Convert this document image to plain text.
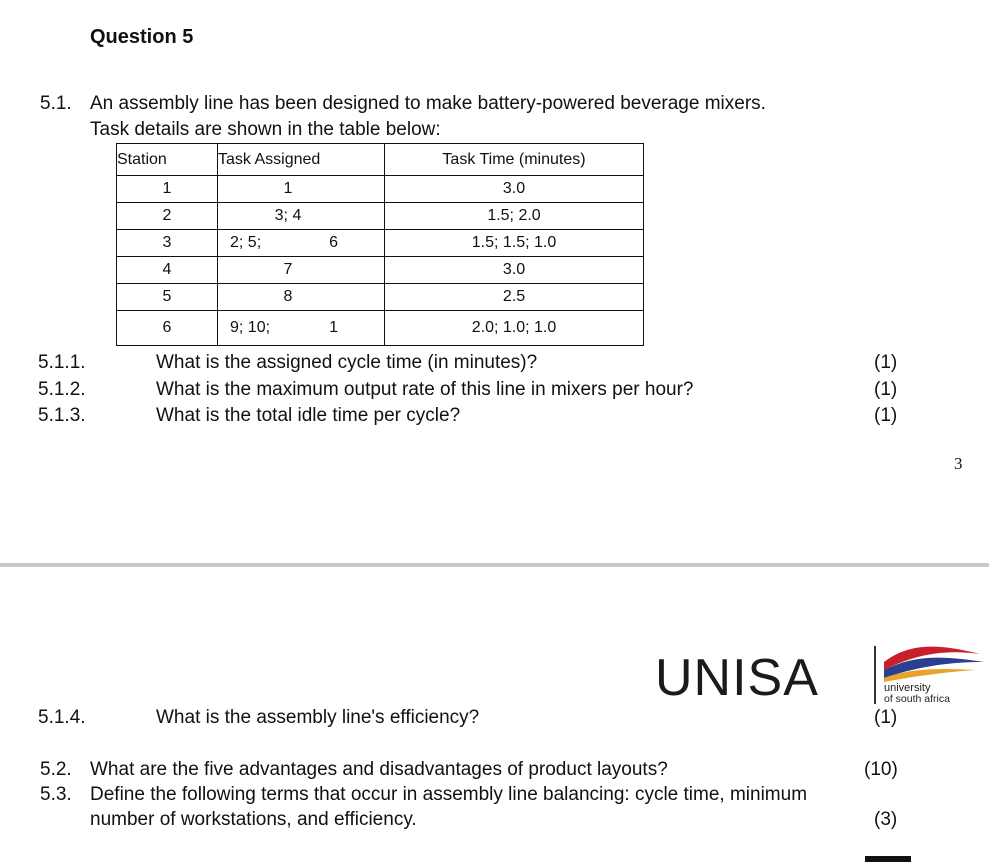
Question 5
5.1. An assembly line has been designed to make battery-powered beverage mixers.
Task details are shown in the table below:
Station	Task Assigned	Task Time (minutes)
1	1	3.0
2	3; 4	1.5; 2.0
3	2; 5; 6	1.5; 1.5; 1.0
4	7	3.0
5	8	2.5
6	9; 10; 1	2.0; 1.0; 1.0
5.1.1.	What is the assigned cycle time (in minutes)?	(1)
5.1.2.	What is the maximum output rate of this line in mixers per hour?	(1)
5.1.3.	What is the total idle time per cycle?	(1)
3
UNISA	university
of south africa
5.1.4.	What is the assembly line's efficiency?	(1)
5.2. What are the five advantages and disadvantages of product layouts?	(10)
5.3. Define the following terms that occur in assembly line balancing: cycle time, minimum
number of workstations, and efficiency.	(3)
